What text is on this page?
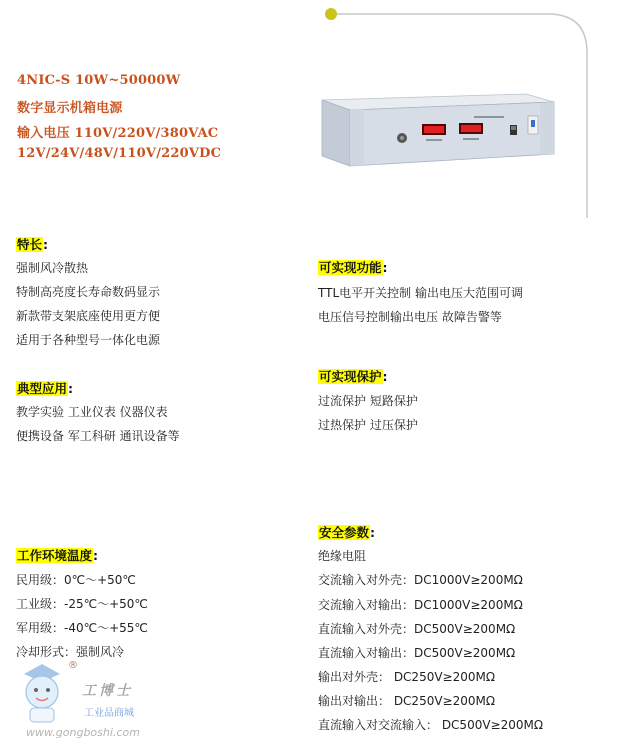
4NIC-S 10W~50000W
数字显示机箱电源
输入电压 110V/220V/380VAC
12V/24V/48V/110V/220VDC
特长:
强制风冷散热
特制高亮度长寿命数码显示
新款带支架底座使用更方便
适用于各种型号一体化电源
典型应用:
教学实验 工业仪表 仪器仪表
便携设备 军工科研 通讯设备等
工作环境温度:
民用级：0℃～+50℃
工业级：-25℃～+50℃
军用级：-40℃～+55℃
冷却形式：强制风冷
可实现功能:
TTL电平开关控制 输出电压大范围可调
电压信号控制输出电压 故障告警等
可实现保护:
过流保护 短路保护
过热保护 过压保护
安全参数:
绝缘电阻
交流输入对外壳：DC1000V≥200MΩ
交流输入对输出：DC1000V≥200MΩ
直流输入对外壳：DC500V≥200MΩ
直流输入对输出：DC500V≥200MΩ
输出对外壳： DC250V≥200MΩ
输出对输出： DC250V≥200MΩ
直流输入对交流输入： DC500V≥200MΩ
®
工博士
工业品商城
www.gongboshi.com
